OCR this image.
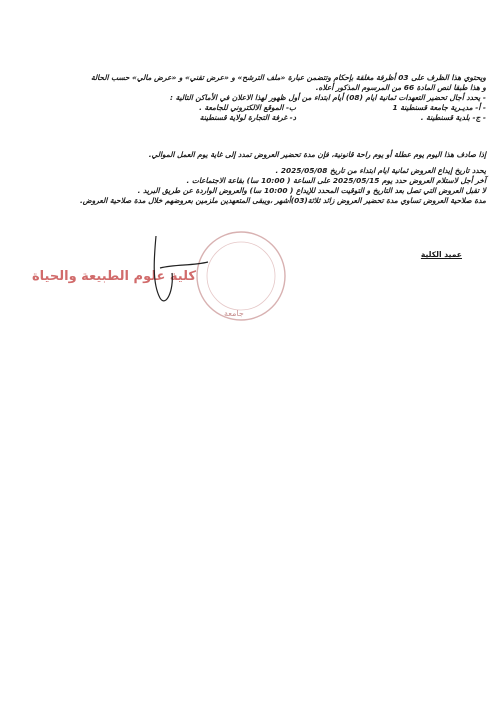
ويحتوي هذا الظرف على 03 أظرفة مغلقة بإحكام وتتضمن عبارة «ملف الترشح» و «عرض تقني» و «عرض مالي» حسب الحالة
و هذا طبقا لنص المادة 66 من المرسوم المذكور أعلاه.
- يحدد أجال تحضير التعهدات ثمانية ايام (08) أيام ابتداء من أول ظهور لهذا الاعلان في الأماكن التالية :
- أ- مديـرية جامعة قسنطينة 1
ب- الموقع الالكتروني للجامعة .
- ج- بلدية قسنطينة .
د- غرفة التجارة لولاية قسنطينة
إذا صادف هذا اليوم يوم عطلة أو يوم راحة قانونية، فإن مدة تحضير العروض تمدد إلى غاية يوم العمل الموالي.
يحدد تاريخ إيداع العروض ثمانية ايام ابتداء من تاريخ 2025/05/08 .
آخر أجل لاستلام العروض حدد يوم 2025/05/15 على الساعة ( 10:00 سا) بقاعة الاجتماعات .
لا تقبل العروض التي تصل بعد التاريخ و التوقيت المحدد للإيداع ( 10:00 سا) والعروض الواردة عن طريق البريد .
مدة صلاحية العروض تساوي مدة تحضير العروض زائد ثلاثة(03)أشهر ،ويبقى المتعهدين ملزمين بعروضهم خلال مدة صلاحية العروض.
عميد الكلية
كلية علوم الطبيعة والحياة
جامعة
